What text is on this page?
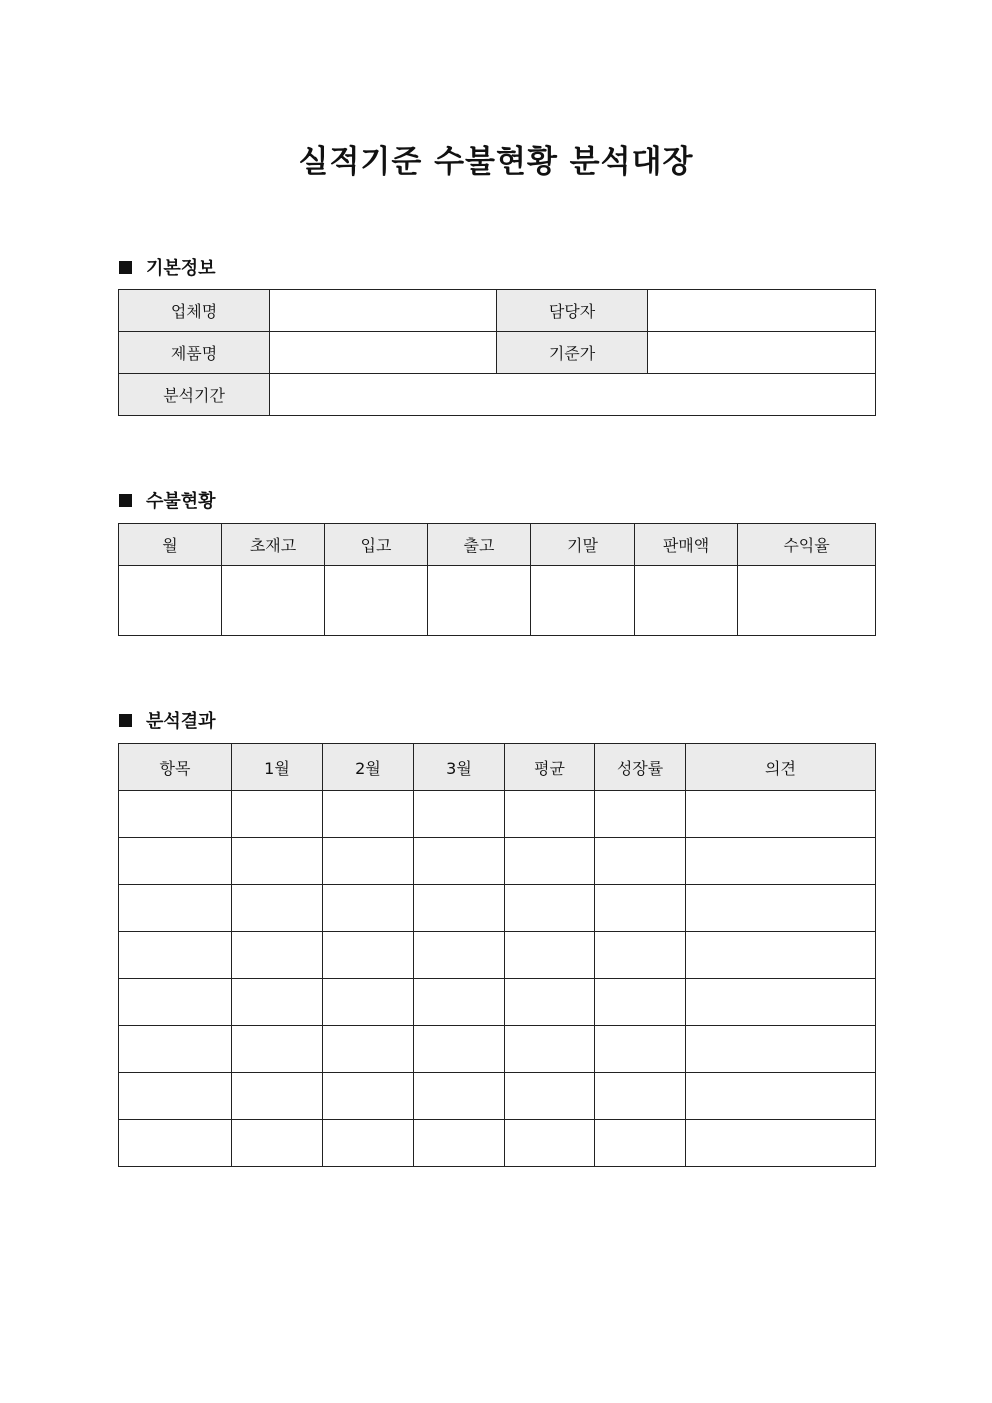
실적기준 수불현황 분석대장
기본정보
업체명		담당자	
제품명		기준가	
분석기간			
수불현황
월	초재고	입고	출고	기말	판매액	수익율

분석결과
항목	1월	2월	3월	평균	성장률	의견
